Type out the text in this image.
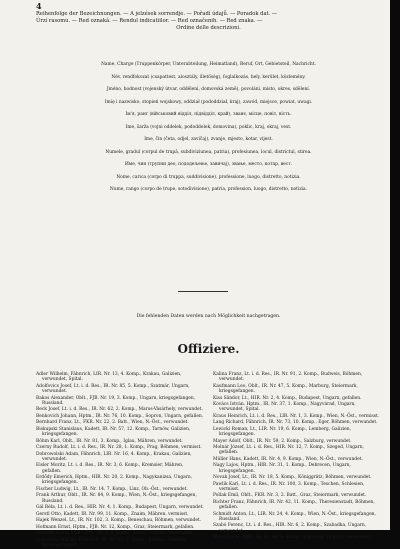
4
Reihenfolge der Bezeichnungen. — A jelzések sorrendje. — Pořadí údajů. — Poradok dat. —
Úrzí rasomu. — Red oznaká. — Rendul indicatiilor. — Red označenih. — Red znaka. —
Ordine delle descrizioni.
Name, Charge (Truppenkörper, Unterabteilung, Heimatland), Beruf, Ort, Gebietsteil, Nachricht.
Név, rendfokozat (csapattest, alosztály, illetőség), foglalkozás, hely, kerület, közlemény.
Jméno, hodnost (vojenský útvar, oddělení, domovská země), povolání, místo, okres, sdělení.
Imię i nazwisko, stopień wojskowy, oddział (pododdział, kraj), zawód, miejsce, powiat, uwagi.
Ім'я, ранг (військовий відділ, підвідділ, край), званє, місце, повіт, вість.
Ime, šarža (vojni oddelek, pododdelek, domovina), poklic, kraj, okraj, vest.
Ime, čin (četa, odjel, zavičaj), zvanje, mjesto, kotar, vijest.
Numele, gradul (corpul de trupă, subdiviziunea, patria), profesiunea, locul, districtul, stirea.
Име, чин (трупни део, пододељење, завичај), звање, место, котар, вест.
Nome, carica (corpo di truppa, suddivisione), professione, luogo, distretto, notizia.
Nume, rango (corpo de trupe, sotodivisione), patria, profession, luogo, distretto, notizia.
Die fehlenden Daten werden nach Möglichkeit nachgetragen.
Offiziere.
Adler Wilhelm, Fähnrich, LIR. Nr. 13, 4. Komp., Krakau, Galizien, verwundet, Spital.
Adolfovics Josef, Lt. i. d. Res., IR. Nr. 85, 5. Komp., Szatmár, Ungarn, verwundet.
Bakos Alexander, Oblt., FJB. Nr. 19, 3. Komp., Ungarn, kriegsgefangen, Russland.
Beck Josef, Lt. i. d. Res., IR. Nr. 62, 2. Komp., Maros-Vásárhely, verwundet.
Benkovich Johann, Hptm., IR. Nr. 76, 10. Komp., Sopron, Ungarn, gefallen.
Bernhard Franz, Lt., FKR. Nr. 22, 2. Batt., Wien, N.-Öst., verwundet.
Biskupski Stanislaus, Kadett, IR. Nr. 57, 12. Komp., Tarnów, Galizien, kriegsgefangen.
Böhm Karl, Oblt., IR. Nr. 81, 3. Komp., Iglau, Mähren, verwundet.
Czerny Rudolf, Lt. i. d. Res., IR. Nr. 28, 1. Komp., Prag, Böhmen, vermisst.
Dobrowolski Adam, Fähnrich, LIR. Nr. 16, 4. Komp., Krakau, Galizien, verwundet.
Eisler Moritz, Lt. i. d. Res., IR. Nr. 3, 6. Komp., Kremsier, Mähren, gefallen.
Erdődy Emerich, Hptm., HIR. Nr. 20, 2. Komp., Nagykanizsa, Ungarn, kriegsgefangen.
Fischer Ludwig, Lt., IR. Nr. 14, 7. Komp., Linz, Ob.-Öst., verwundet.
Frank Arthur, Oblt., IR. Nr. 84, 9. Komp., Wien, N.-Öst., kriegsgefangen, Russland.
Gál Béla, Lt. i. d. Res., HIR. Nr. 4, 1. Komp., Budapest, Ungarn, verwundet.
Gerstl Otto, Kadett, IR. Nr. 99, 11. Komp., Znaim, Mähren, vermisst.
Hajek Wenzel, Lt., IR. Nr. 102, 3. Komp., Beneschau, Böhmen, verwundet.
Hofmann Ernst, Hptm., FJB. Nr. 12, Komp., Graz, Steiermark, gefallen.
Horváth Gyula, Oblt., HIR. Nr. 9, 2. Komp., Kassa, Ungarn, verwundet.
Jankowski Marian, Fähnrich, IR. Nr. 13, 8. Komp., Krakau, Galizien, kriegsgefangen.
Kalina Franz, Lt. i. d. Res., IR. Nr. 91, 2. Komp., Budweis, Böhmen, verwundet.
Kaufmann Leo, Oblt., IR. Nr. 47, 5. Komp., Marburg, Steiermark, kriegsgefangen.
Kiss Sándor, Lt., HIR. Nr. 2, 4. Komp., Budapest, Ungarn, gefallen.
Kovács István, Hptm., IR. Nr. 37, 1. Komp., Nagyvárad, Ungarn, verwundet, Spital.
Kraus Heinrich, Lt. i. d. Res., LIR. Nr. 1, 3. Komp., Wien, N.-Öst., vermisst.
Lang Richard, Fähnrich, IR. Nr. 73, 10. Komp., Eger, Böhmen, verwundet.
Lewicki Roman, Lt., LIR. Nr. 19, 6. Komp., Lemberg, Galizien, kriegsgefangen.
Mayer Adolf, Oblt., IR. Nr. 59, 2. Komp., Salzburg, verwundet.
Molnár József, Lt. i. d. Res., HIR. Nr. 12, 7. Komp., Szeged, Ungarn, gefallen.
Müller Hans, Kadett, IR. Nr. 4, 9. Komp., Wien, N.-Öst., verwundet.
Nagy Lajos, Hptm., HIR. Nr. 31, 1. Komp., Debrecen, Ungarn, kriegsgefangen.
Novak Josef, Lt., IR. Nr. 18, 5. Komp., Königgrätz, Böhmen, verwundet.
Pawlik Karl, Lt. i. d. Res., IR. Nr. 100, 3. Komp., Teschen, Schlesien, vermisst.
Pollak Emil, Oblt., FKR. Nr. 3, 2. Batt., Graz, Steiermark, verwundet.
Richter Franz, Fähnrich, IR. Nr. 42, 11. Komp., Theresienstadt, Böhmen, gefallen.
Schmidt Anton, Lt., LIR. Nr. 24, 4. Komp., Wien, N.-Öst., kriegsgefangen, Russland.
Szabó Ferenc, Lt. i. d. Res., HIR. Nr. 6, 2. Komp., Szabadka, Ungarn, verwundet.
Weiss Julius, Oblt., IR. Nr. 44, 8. Komp., Kaposvár, Ungarn, verwundet.
